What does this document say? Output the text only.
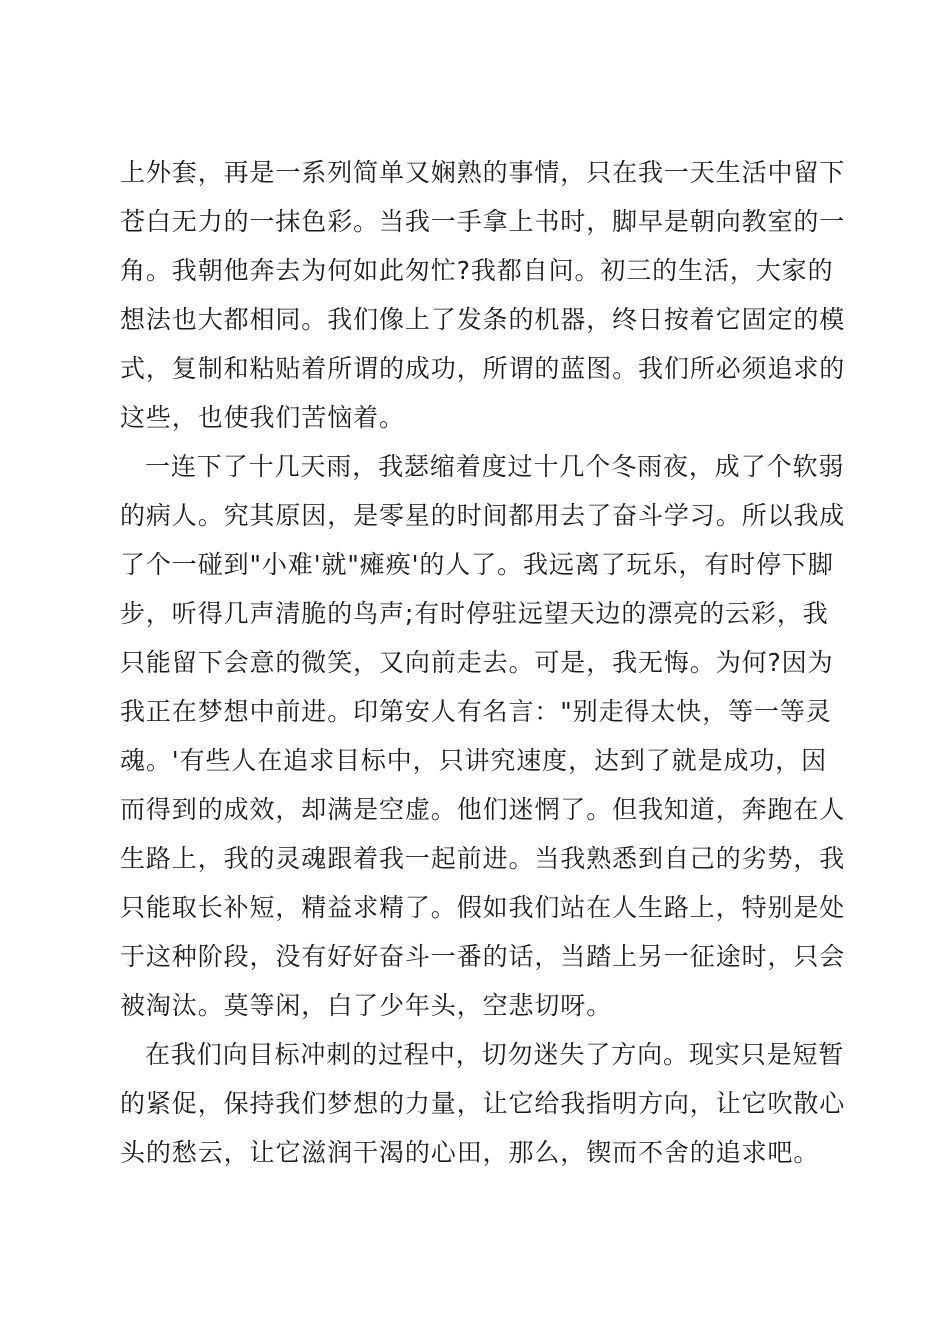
上外套，再是一系列简单又娴熟的事情，只在我一天生活中留下
苍白无力的一抹色彩。当我一手拿上书时，脚早是朝向教室的一
角。我朝他奔去为何如此匆忙?我都自问。初三的生活，大家的
想法也大都相同。我们像上了发条的机器，终日按着它固定的模
式，复制和粘贴着所谓的成功，所谓的蓝图。我们所必须追求的
这些，也使我们苦恼着。
一连下了十几天雨，我瑟缩着度过十几个冬雨夜，成了个软弱
的病人。究其原因，是零星的时间都用去了奋斗学习。所以我成
了个一碰到"小难'就"瘫痪'的人了。我远离了玩乐，有时停下脚
步，听得几声清脆的鸟声;有时停驻远望天边的漂亮的云彩，我
只能留下会意的微笑，又向前走去。可是，我无悔。为何?因为
我正在梦想中前进。印第安人有名言："别走得太快，等一等灵
魂。'有些人在追求目标中，只讲究速度，达到了就是成功，因
而得到的成效，却满是空虚。他们迷惘了。但我知道，奔跑在人
生路上，我的灵魂跟着我一起前进。当我熟悉到自己的劣势，我
只能取长补短，精益求精了。假如我们站在人生路上，特别是处
于这种阶段，没有好好奋斗一番的话，当踏上另一征途时，只会
被淘汰。莫等闲，白了少年头，空悲切呀。
在我们向目标冲刺的过程中，切勿迷失了方向。现实只是短暂
的紧促，保持我们梦想的力量，让它给我指明方向，让它吹散心
头的愁云，让它滋润干渴的心田，那么，锲而不舍的追求吧。
